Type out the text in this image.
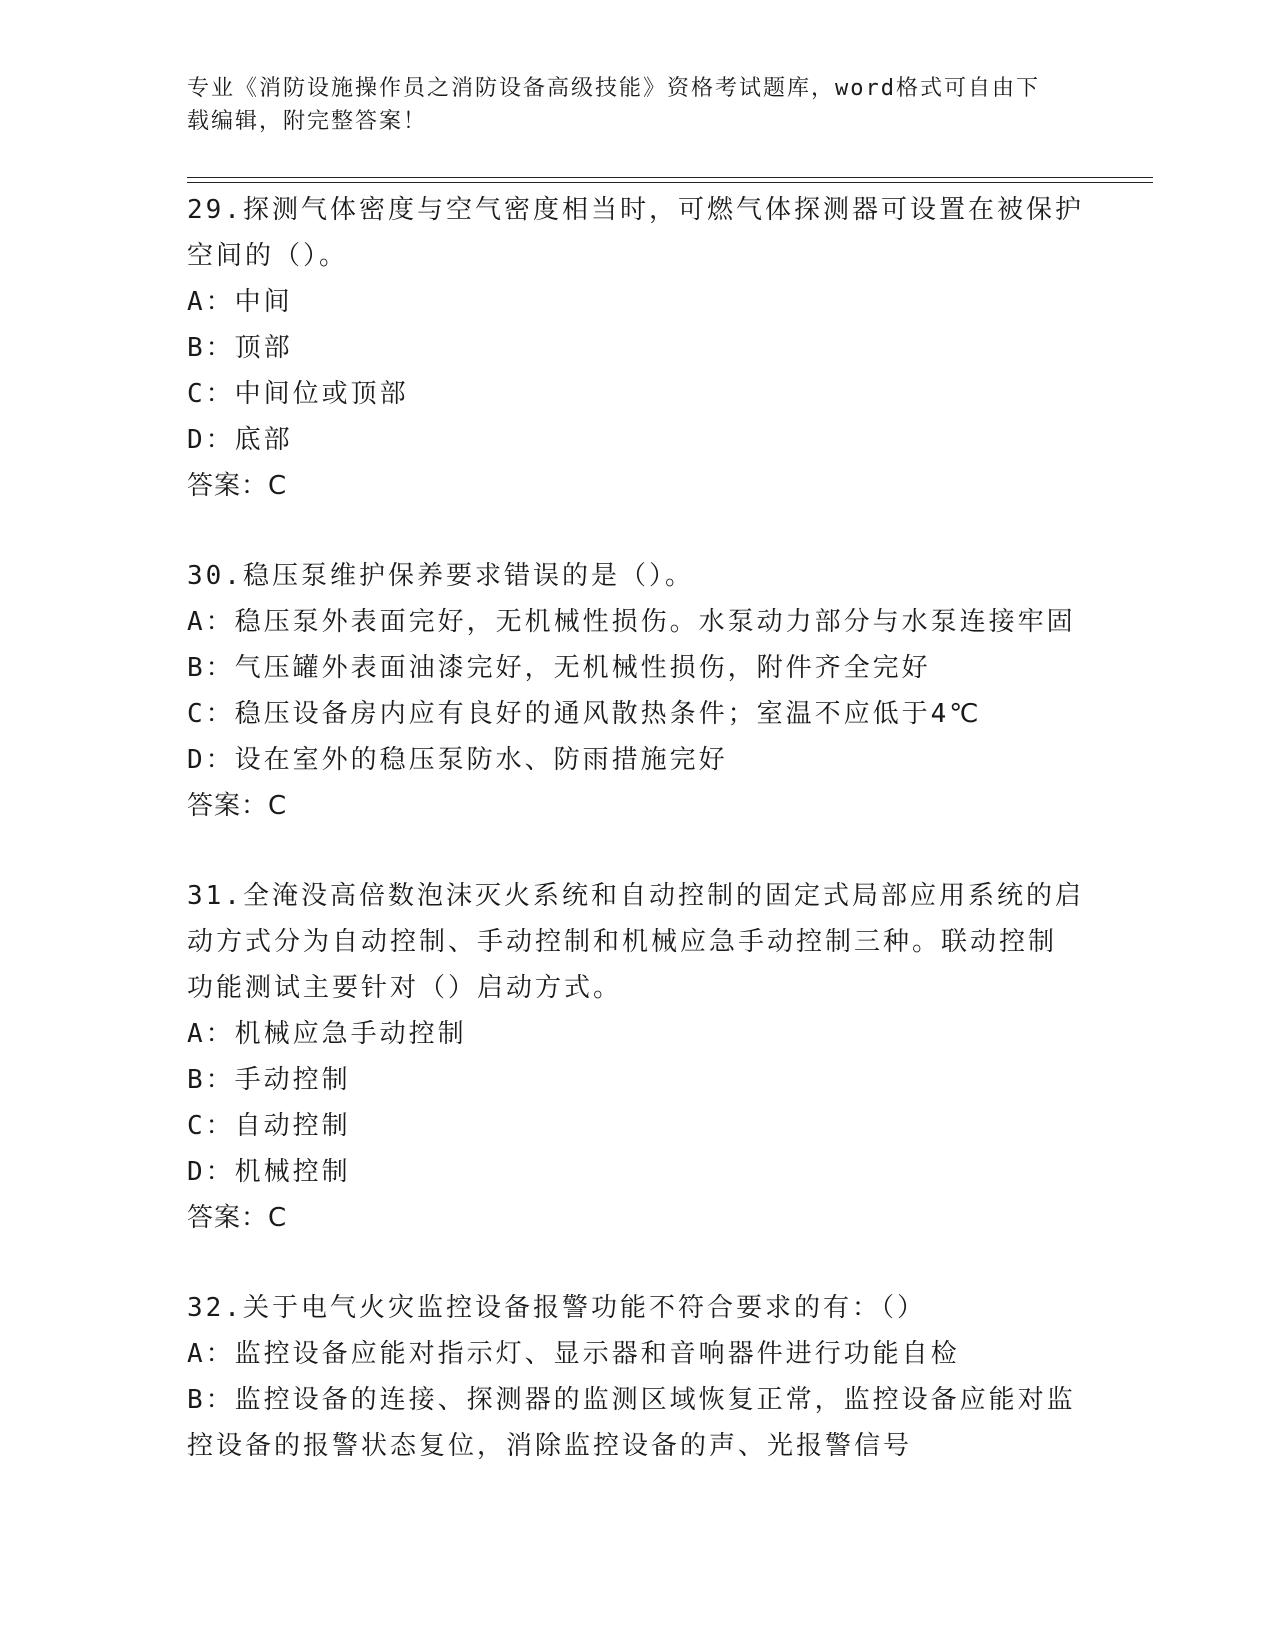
专业《消防设施操作员之消防设备高级技能》资格考试题库，word格式可自由下
载编辑，附完整答案！
29.探测气体密度与空气密度相当时，可燃气体探测器可设置在被保护
空间的（）。
A：中间
B：顶部
C：中间位或顶部
D：底部
答案：C
30.稳压泵维护保养要求错误的是（）。
A：稳压泵外表面完好，无机械性损伤。水泵动力部分与水泵连接牢固
B：气压罐外表面油漆完好，无机械性损伤，附件齐全完好
C：稳压设备房内应有良好的通风散热条件；室温不应低于4℃
D：设在室外的稳压泵防水、防雨措施完好
答案：C
31.全淹没高倍数泡沫灭火系统和自动控制的固定式局部应用系统的启
动方式分为自动控制、手动控制和机械应急手动控制三种。联动控制
功能测试主要针对（）启动方式。
A：机械应急手动控制
B：手动控制
C：自动控制
D：机械控制
答案：C
32.关于电气火灾监控设备报警功能不符合要求的有：（）
A：监控设备应能对指示灯、显示器和音响器件进行功能自检
B：监控设备的连接、探测器的监测区域恢复正常，监控设备应能对监
控设备的报警状态复位，消除监控设备的声、光报警信号
